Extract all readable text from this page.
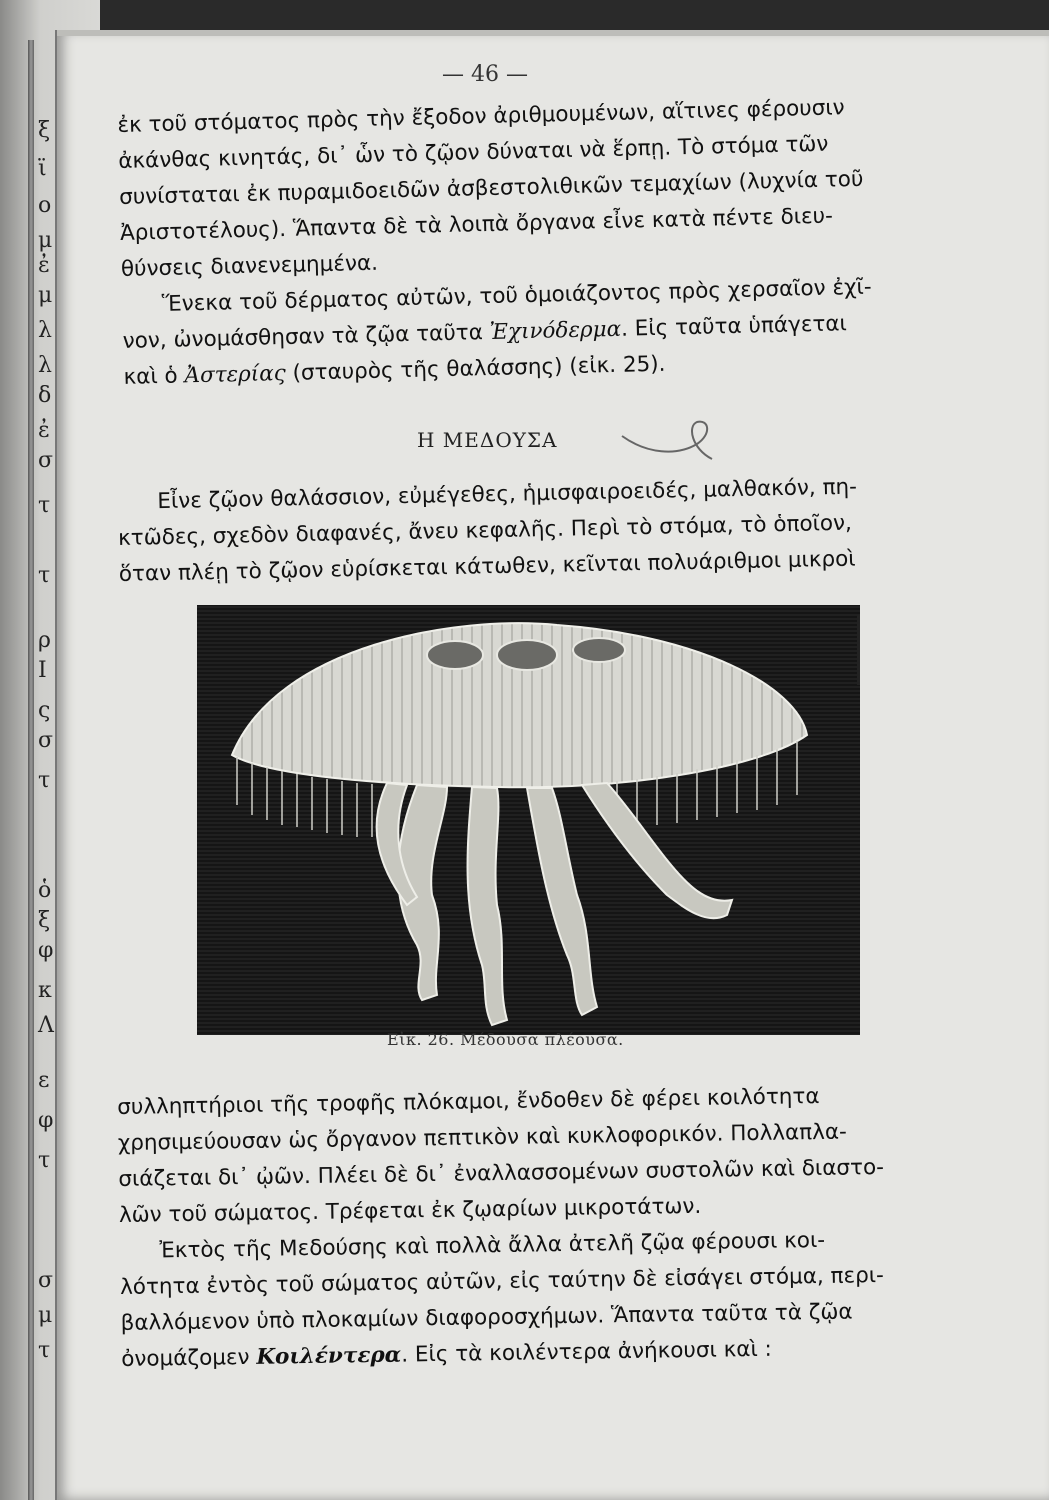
ξ
ϊ
ο
μ
ἐ
μ
λ
λ
δ
ἐ
σ
τ
τ
ρ
Ι
ς
σ
τ
ὁ
ξ
φ
κ
Λ
ε
φ
τ
σ
μ
τ
— 46 —

ἐκ τοῦ στόματος πρὸς τὴν ἔξοδον ἀριθμουμένων, αἵτινες φέρουσιν

ἀκάνθας κινητάς, δι᾽ ὧν τὸ ζῷον δύναται νὰ ἕρπῃ. Τὸ στόμα τῶν

συνίσταται ἐκ πυραμιδοειδῶν ἀσβεστολιθικῶν τεμαχίων (λυχνία τοῦ

Ἀριστοτέλους). Ἅπαντα δὲ τὰ λοιπὰ ὄργανα εἶνε κατὰ πέντε διευ-

θύνσεις διανενεμημένα.

Ἕνεκα τοῦ δέρματος αὐτῶν, τοῦ ὁμοιάζοντος πρὸς χερσαῖον ἐχῖ-

νον, ὠνομάσθησαν τὰ ζῷα ταῦτα Ἐχινόδερμα. Εἰς ταῦτα ὑπάγεται

καὶ ὁ Ἀστερίας (σταυρὸς τῆς θαλάσσης) (εἰκ. 25).

Η ΜΕΔΟΥΣΑ

Εἶνε ζῷον θαλάσσιον, εὐμέγεθες, ἡμισφαιροειδές, μαλθακόν, πη-

κτῶδες, σχεδὸν διαφανές, ἄνευ κεφαλῆς. Περὶ τὸ στόμα, τὸ ὁποῖον,

ὅταν πλέῃ τὸ ζῷον εὑρίσκεται κάτωθεν, κεῖνται πολυάριθμοι μικροὶ

Εἰκ. 26. Μέδουσα πλέουσα.

συλληπτήριοι τῆς τροφῆς πλόκαμοι, ἔνδοθεν δὲ φέρει κοιλότητα

χρησιμεύουσαν ὡς ὄργανον πεπτικὸν καὶ κυκλοφορικόν. Πολλαπλα-

σιάζεται δι᾽ ᾠῶν. Πλέει δὲ δι᾽ ἐναλλασσομένων συστολῶν καὶ διαστο-

λῶν τοῦ σώματος. Τρέφεται ἐκ ζῳαρίων μικροτάτων.

Ἐκτὸς τῆς Μεδούσης καὶ πολλὰ ἄλλα ἀτελῆ ζῷα φέρουσι κοι-

λότητα ἐντὸς τοῦ σώματος αὐτῶν, εἰς ταύτην δὲ εἰσάγει στόμα, περι-

βαλλόμενον ὑπὸ πλοκαμίων διαφοροσχήμων. Ἅπαντα ταῦτα τὰ ζῷα

ὀνομάζομεν Κοιλέντερα. Εἰς τὰ κοιλέντερα ἀνήκουσι καὶ :
